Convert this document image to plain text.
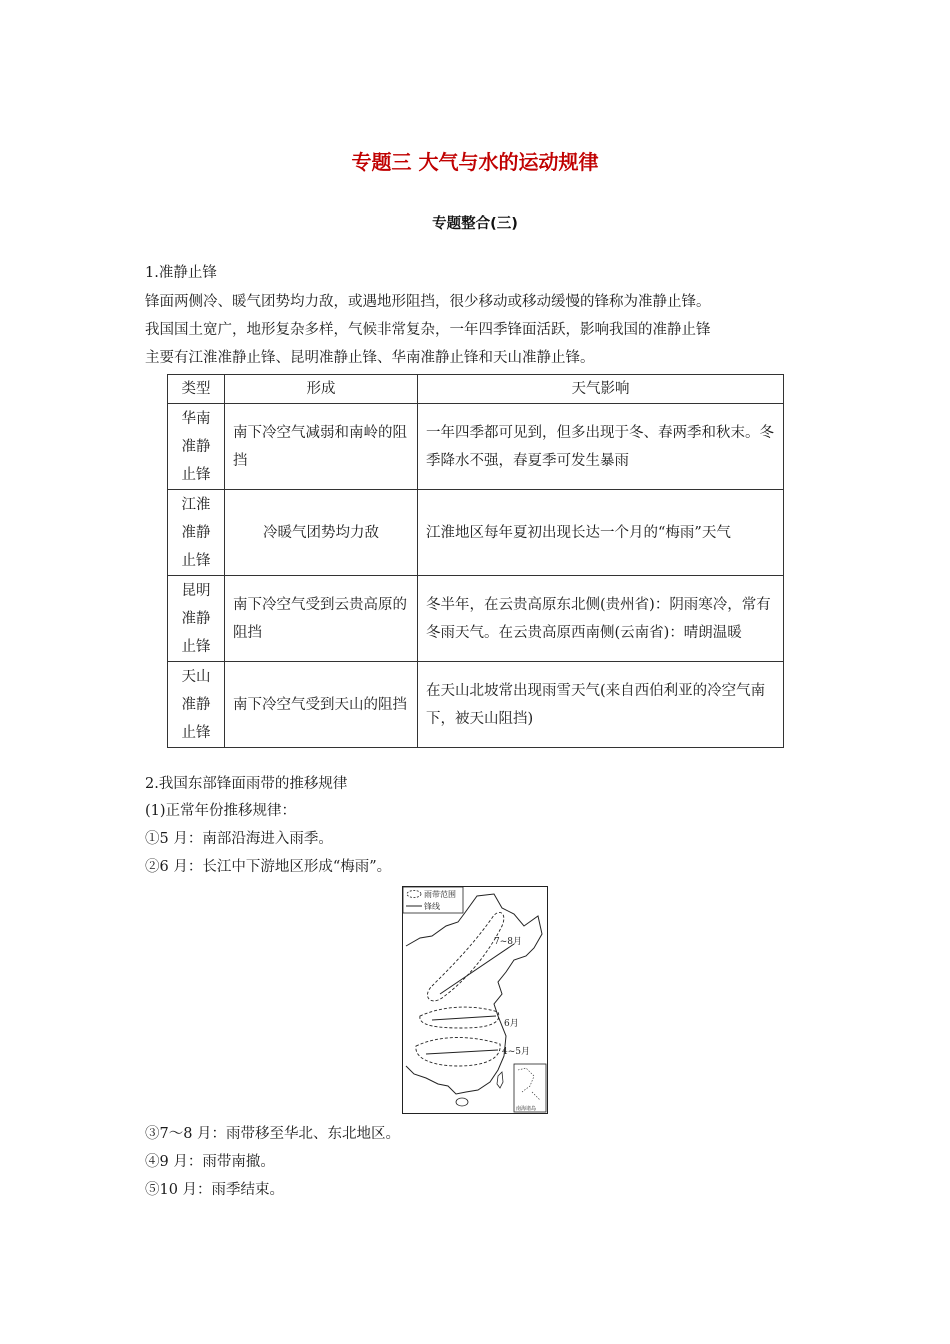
专题三 大气与水的运动规律
专题整合(三)
1.准静止锋
锋面两侧冷、暖气团势均力敌，或遇地形阻挡，很少移动或移动缓慢的锋称为准静止锋。
我国国土宽广，地形复杂多样，气候非常复杂，一年四季锋面活跃，影响我国的准静止锋
主要有江淮准静止锋、昆明准静止锋、华南准静止锋和天山准静止锋。
类型	形成	天气影响

华南
准静
止锋	南下冷空气减弱和南岭的阻挡	一年四季都可见到，但多出现于冬、春两季和秋末。冬季降水不强，春夏季可发生暴雨

江淮
准静
止锋	冷暖气团势均力敌	江淮地区每年夏初出现长达一个月的“梅雨”天气

昆明
准静
止锋	南下冷空气受到云贵高原的阻挡	冬半年，在云贵高原东北侧(贵州省)：阴雨寒冷，常有冬雨天气。在云贵高原西南侧(云南省)：晴朗温暖

天山
准静
止锋	南下冷空气受到天山的阻挡	在天山北坡常出现雨雪天气(来自西伯利亚的冷空气南下，被天山阻挡)
2.我国东部锋面雨带的推移规律
(1)正常年份推移规律：
①5 月：南部沿海进入雨季。
②6 月：长江中下游地区形成“梅雨”。
雨带范围
锋线
7~8月
6月
4~5月
南海诸岛
③7～8 月：雨带移至华北、东北地区。
④9 月：雨带南撤。
⑤10 月：雨季结束。
